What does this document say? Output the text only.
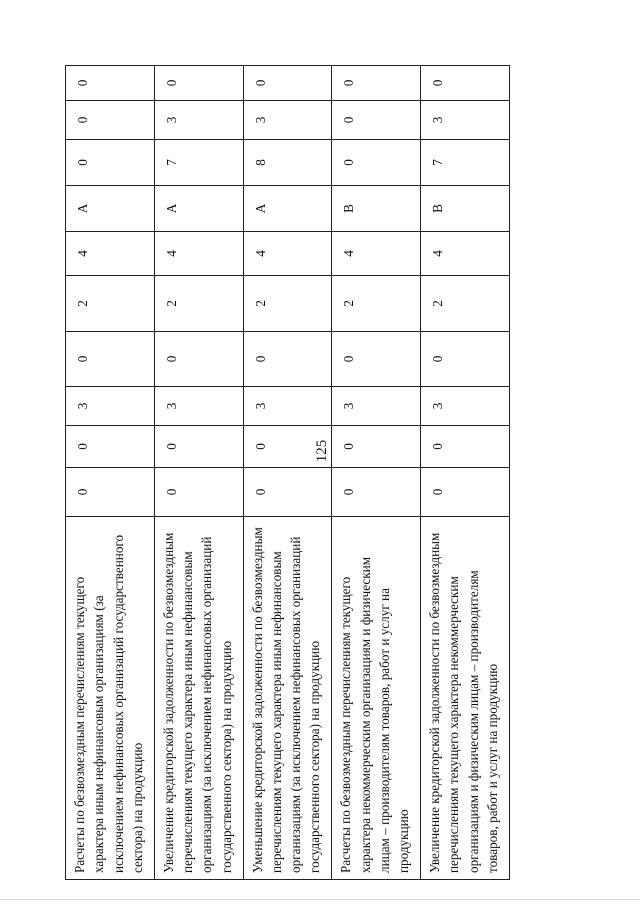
125
Расчеты по безвозмездным перечислениям текущего характера иным нефинансовым организациям (за исключением нефинансовых организаций государственного сектора) на продукцию	0	0	3	0	2	4	А	0	0	0
Увеличение кредиторской задолженности по безвозмездным перечислениям текущего характера иным нефинансовым организациям (за исключением нефинансовых организаций государственного сектора) на продукцию	0	0	3	0	2	4	А	7	3	0
Уменьшение кредиторской задолженности по безвозмездным перечислениям текущего характера иным нефинансовым организациям (за исключением нефинансовых организаций государственного сектора) на продукцию	0	0	3	0	2	4	А	8	3	0
Расчеты по безвозмездным перечислениям текущего характера некоммерческим организациям и физическим лицам – производителям товаров, работ и услуг на продукцию	0	0	3	0	2	4	В	0	0	0
Увеличение кредиторской задолженности по безвозмездным перечислениям текущего характера некоммерческим организациям и физическим лицам – производителям товаров, работ и услуг на продукцию	0	0	3	0	2	4	В	7	3	0
